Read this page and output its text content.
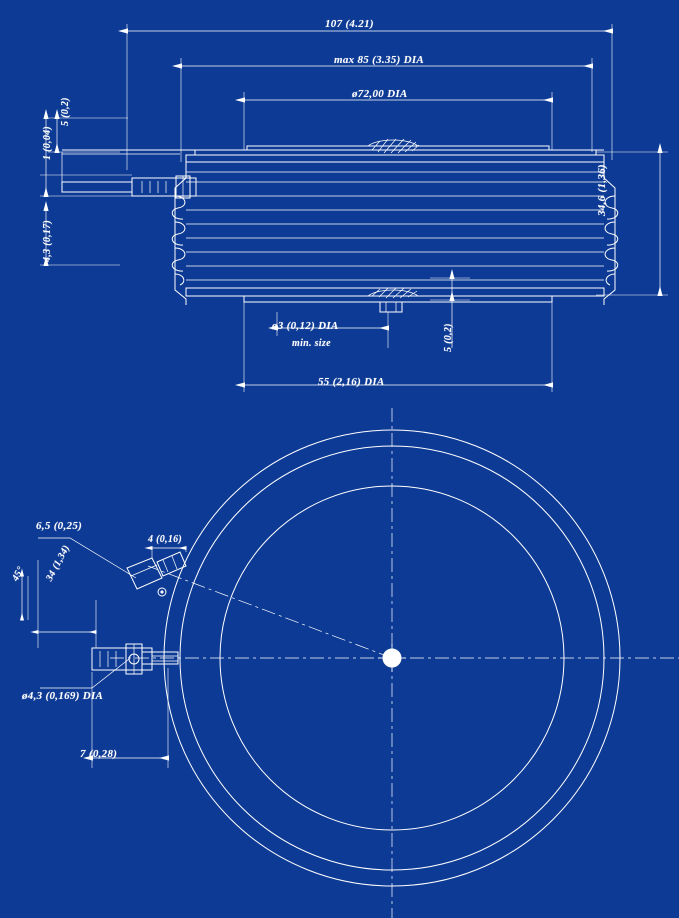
107 (4.21)
max 85 (3.35) DIA
ø72,00 DIA
34,6 (1,36)
5 (0,2)
1 (0,04)
4,3 (0,17)
ø3 (0,12) DIA
min. size
55 (2,16) DIA
5 (0,2)
6,5 (0,25)
4 (0,16)
34 (1,34)
45°
ø4,3 (0,169) DIA
7 (0,28)
